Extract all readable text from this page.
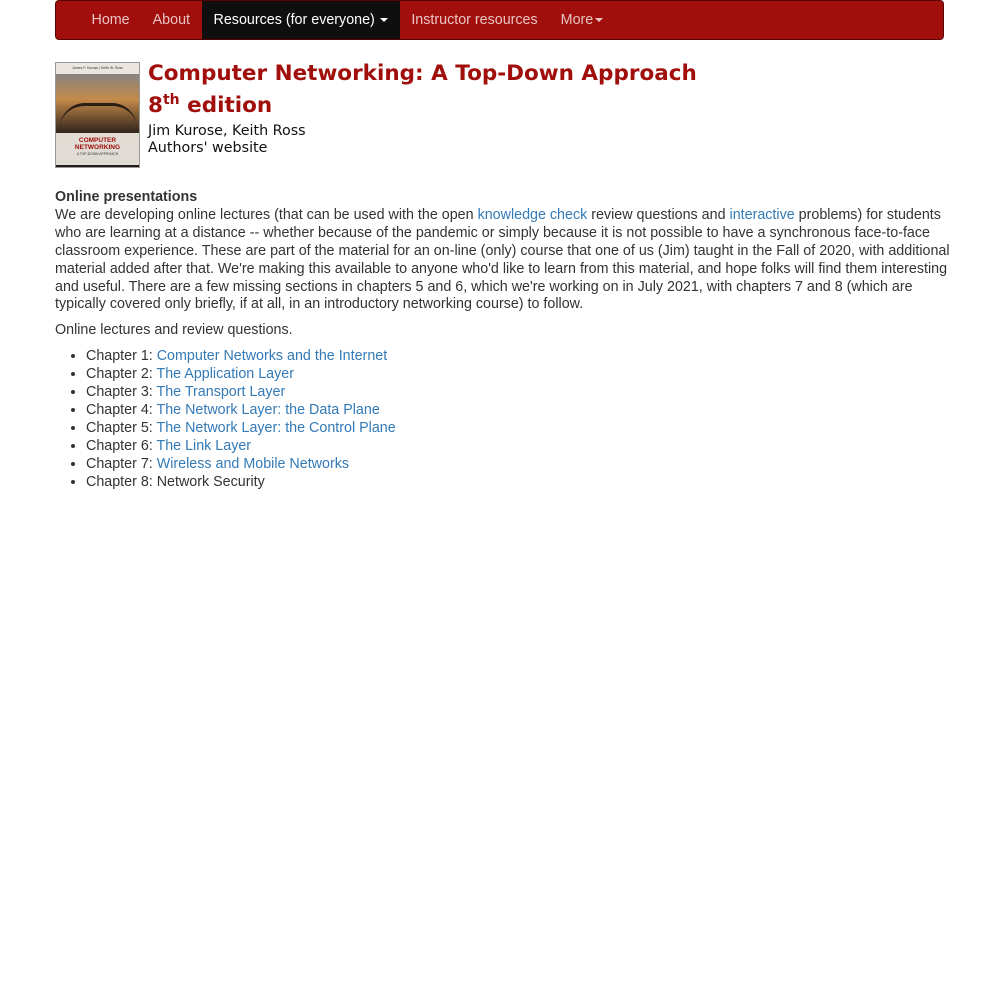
Home	About	Resources (for everyone)	Instructor resources	More
James F. Kurose | Keith W. Ross
COMPUTER
NETWORKING
A TOP-DOWN APPROACH
Computer Networking: A Top-Down Approach
8th edition

Jim Kurose, Keith Ross

Authors' website

Online presentations

We are developing online lectures (that can be used with the open knowledge check review questions and interactive problems) for students who are learning at a distance -- whether because of the pandemic or simply because it is not possible to have a synchronous face-to-face classroom experience. These are part of the material for an on-line (only) course that one of us (Jim) taught in the Fall of 2020, with additional material added after that. We're making this available to anyone who'd like to learn from this material, and hope folks will find them interesting and useful. There are a few missing sections in chapters 5 and 6, which we're working on in July 2021, with chapters 7 and 8 (which are typically covered only briefly, if at all, in an introductory networking course) to follow.

Online lectures and review questions.

• Chapter 1: Computer Networks and the Internet
• Chapter 2: The Application Layer
• Chapter 3: The Transport Layer
• Chapter 4: The Network Layer: the Data Plane
• Chapter 5: The Network Layer: the Control Plane
• Chapter 6: The Link Layer
• Chapter 7: Wireless and Mobile Networks
• Chapter 8: Network Security
